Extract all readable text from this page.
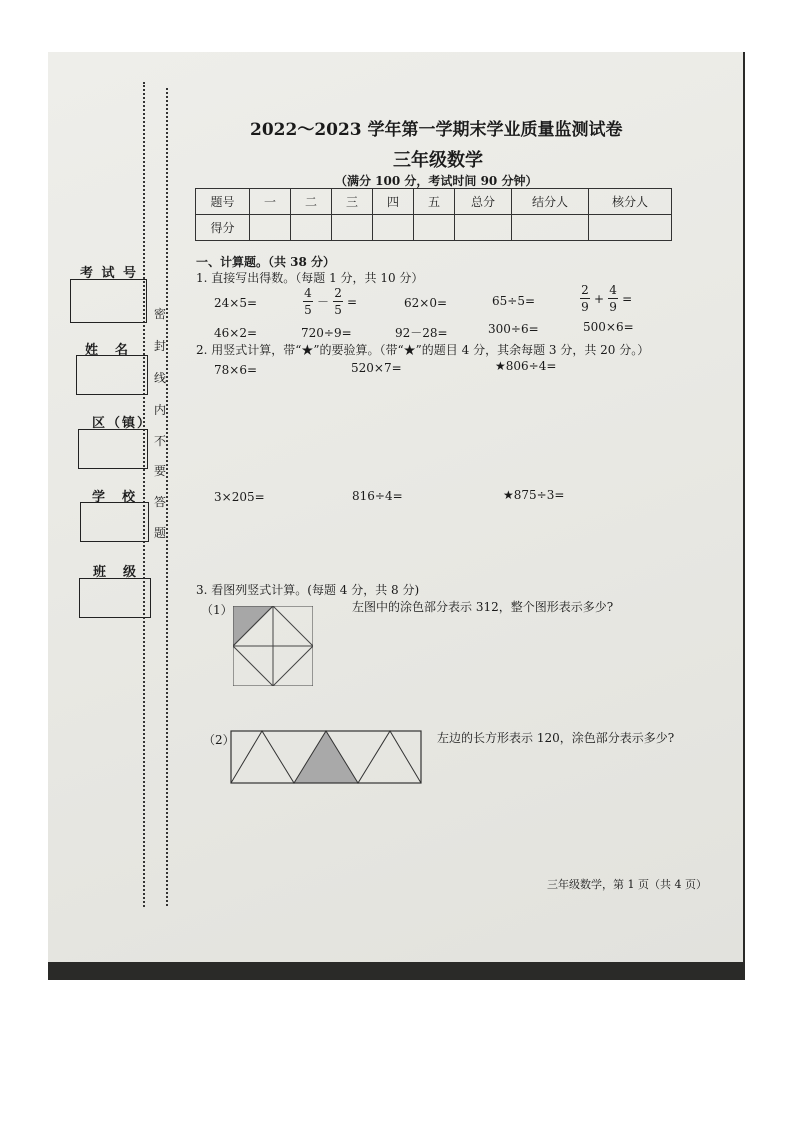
考 试 号
姓　名
区（镇）
学　校
班　级
密
封
线
内
不
要
答
题
2022～2023 学年第一学期末学业质量监测试卷
三年级数学
（满分 100 分，考试时间 90 分钟）
题号	一	二	三	四	五	总分	结分人	核分人
得分								
一、计算题。（共 38 分）
1. 直接写出得数。（每题 1 分，共 10 分）
24×5=	$\frac{4}{5} - \frac{2}{5}$ =	62×0=	65÷5=	$\frac{2}{9} + \frac{4}{9}$ =
46×2=	720÷9=	92－28=	300÷6=	500×6=
2. 用竖式计算，带“★”的要验算。（带“★”的题目 4 分，其余每题 3 分，共 20 分。）
78×6=	520×7=	★806÷4=
3×205=	816÷4=	★875÷3=
3. 看图列竖式计算。(每题 4 分，共 8 分)
（1）	左图中的涂色部分表示 312，整个图形表示多少?
（2）	左边的长方形表示 120，涂色部分表示多少?
三年级数学，第 1 页（共 4 页）
